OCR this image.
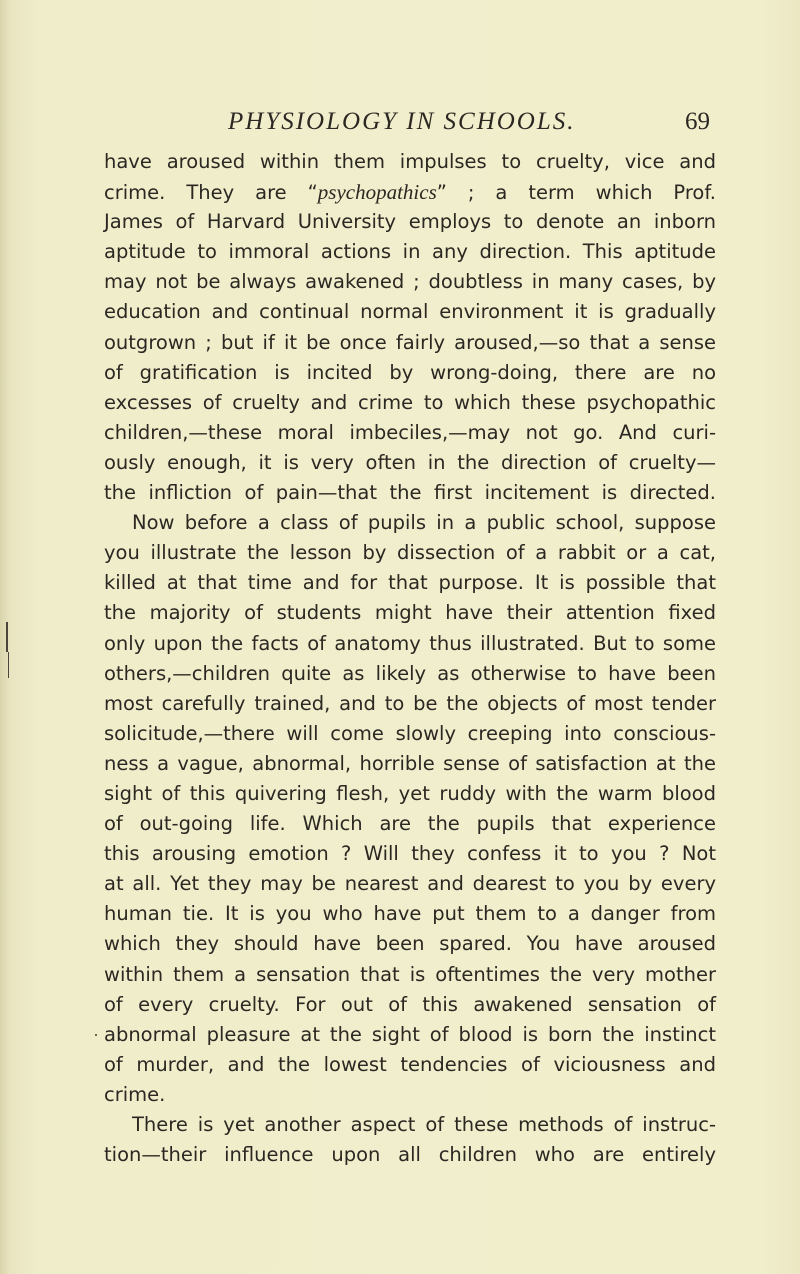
PHYSIOLOGY IN SCHOOLS.	69
have aroused within them impulses to cruelty, vice and
crime. They are “psychopathics” ; a term which Prof.
James of Harvard University employs to denote an inborn
aptitude to immoral actions in any direction. This aptitude
may not be always awakened ; doubtless in many cases, by
education and continual normal environment it is gradually
outgrown ; but if it be once fairly aroused,—so that a sense
of gratification is incited by wrong-doing, there are no
excesses of cruelty and crime to which these psychopathic
children,—these moral imbeciles,—may not go. And curi-
ously enough, it is very often in the direction of cruelty—
the infliction of pain—that the first incitement is directed.
Now before a class of pupils in a public school, suppose
you illustrate the lesson by dissection of a rabbit or a cat,
killed at that time and for that purpose. It is possible that
the majority of students might have their attention fixed
only upon the facts of anatomy thus illustrated. But to some
others,—children quite as likely as otherwise to have been
most carefully trained, and to be the objects of most tender
solicitude,—there will come slowly creeping into conscious-
ness a vague, abnormal, horrible sense of satisfaction at the
sight of this quivering flesh, yet ruddy with the warm blood
of out-going life. Which are the pupils that experience
this arousing emotion ? Will they confess it to you ? Not
at all. Yet they may be nearest and dearest to you by every
human tie. It is you who have put them to a danger from
which they should have been spared. You have aroused
within them a sensation that is oftentimes the very mother
of every cruelty. For out of this awakened sensation of
abnormal pleasure at the sight of blood is born the instinct
of murder, and the lowest tendencies of viciousness and
crime.
There is yet another aspect of these methods of instruc-
tion—their influence upon all children who are entirely
